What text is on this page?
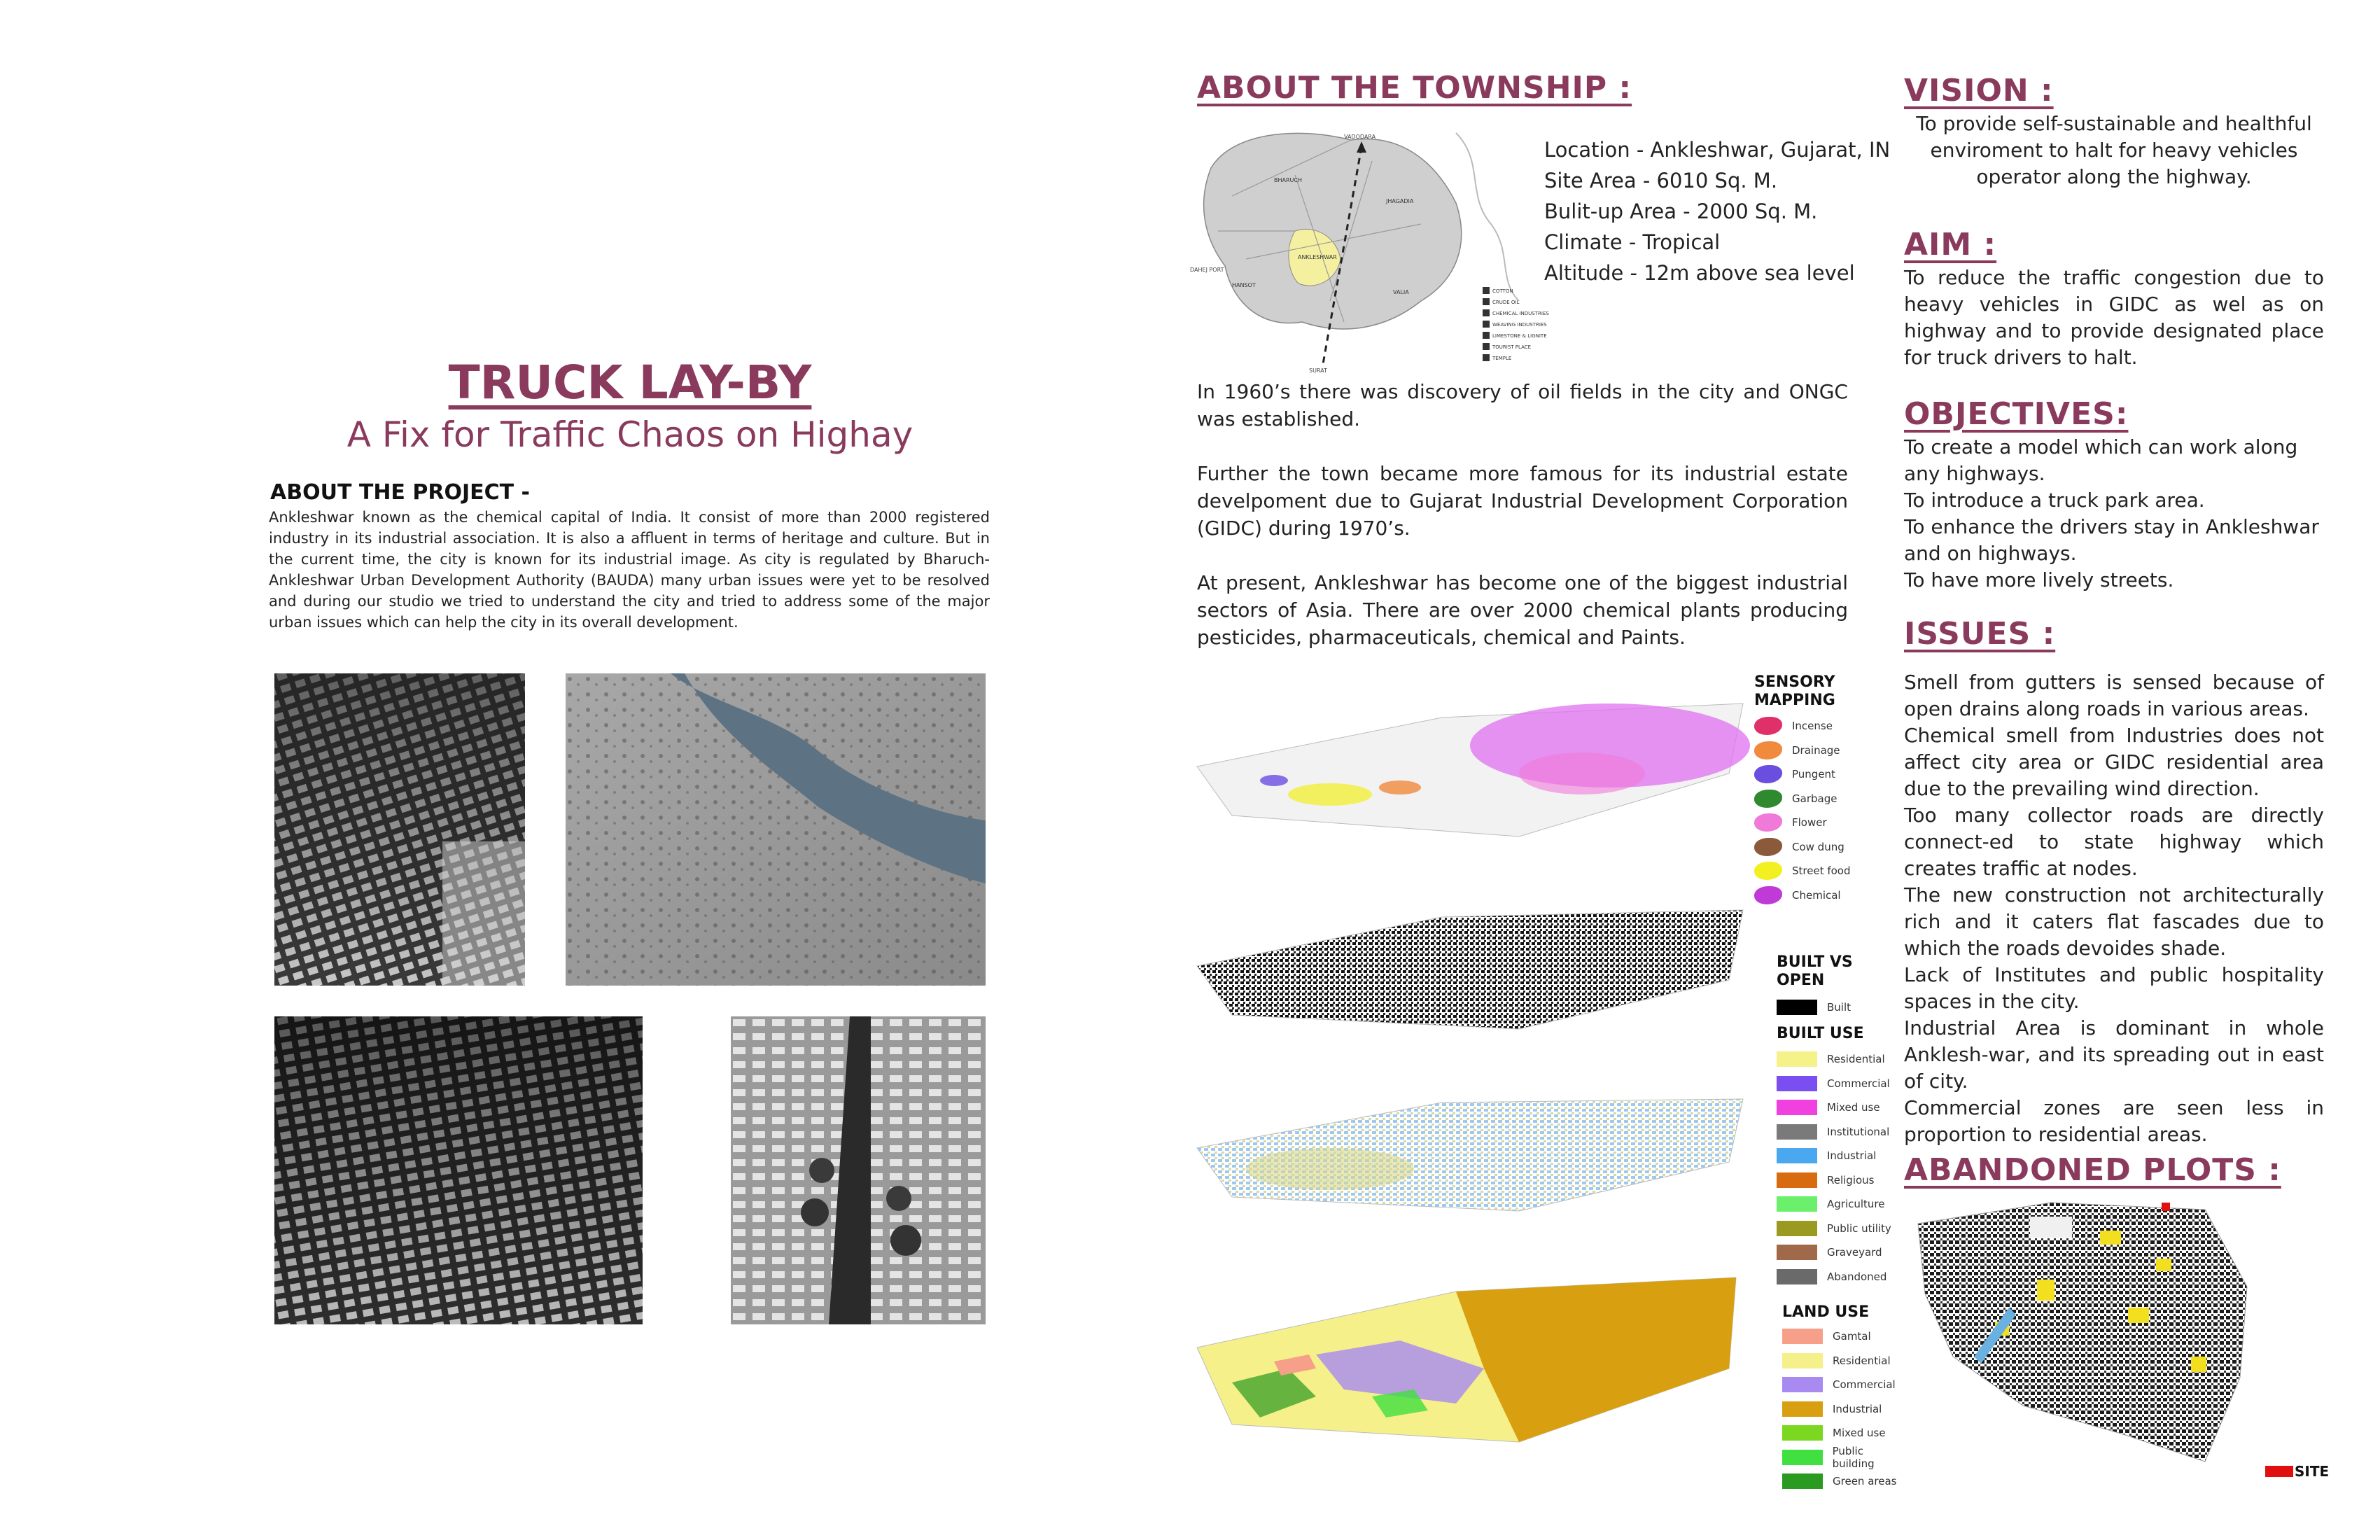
TRUCK LAY-BY
A Fix for Traffic Chaos on Highay
ABOUT THE PROJECT -
Ankleshwar known as the chemical capital of India. It consist of more than 2000 registered industry in its industrial association. It is also a affluent in terms of heritage and culture. But in the current time, the city is known for its industrial image. As city is regulated by Bharuch-Ankleshwar Urban Development Authority (BAUDA) many urban issues were yet to be resolved and during our studio we tried to understand the city and tried to address some of the major urban issues which can help the city in its overall development.
ABOUT THE TOWNSHIP :
VADODARA
SURAT
DAHEJ PORT
ANKLESHWAR
BHARUCH
JHAGADIA
HANSOT
VALIA	COTTON
CRUDE OIL
CHEMICAL INDUSTRIES
WEAVING INDUSTRIES
LIMESTONE & LIGNITE
TOURIST PLACE
TEMPLE
Location - Ankleshwar, Gujarat, IN
Site Area - 6010 Sq. M.
Bulit-up Area - 2000 Sq. M.
Climate - Tropical
Altitude - 12m above sea level

In 1960’s there was discovery of oil fields in the city and ONGC was established.

Further the town became more famous for its industrial estate develpoment due to Gujarat Industrial Development Corporation (GIDC) during 1970’s.

At present, Ankleshwar has become one of the biggest industrial sectors of Asia. There are over 2000 chemical plants producing pesticides, pharmaceuticals, chemical and Paints.

SENSORY MAPPING
Incense
Drainage
Pungent
Garbage
Flower
Cow dung
Street food
Chemical
BUILT VS OPEN
Built
BUILT USE
Residential
Commercial
Mixed use
Institutional
Industrial
Religious
Agriculture
Public utility
Graveyard
Abandoned
LAND USE
Gamtal
Residential
Commercial
Industrial
Mixed use
Public building
Green areas
VISION :
To provide self-sustainable and healthful enviroment to halt for heavy vehicles operator along the highway.
AIM :
To reduce the traffic congestion due to heavy vehicles in GIDC as wel as on highway and to provide designated place for truck drivers to halt.
OBJECTIVES:
To create a model which can work along any highways.
To introduce a truck park area.
To enhance the drivers stay in Ankleshwar and on highways.
To have more lively streets.
ISSUES :
Smell from gutters is sensed because of open drains along roads in various areas.
Chemical smell from Industries does not affect city area or GIDC residential area due to the prevailing wind direction.
Too many collector roads are directly connect-ed to state highway which creates traffic at nodes.
The new construction not architecturally rich and it caters flat fascades due to which the roads devoides shade.
Lack of Institutes and public hospitality spaces in the city.
Industrial Area is dominant in whole Anklesh-war, and its spreading out in east of city.
Commercial zones are seen less in proportion to residential areas.
ABANDONED PLOTS :
SITE
